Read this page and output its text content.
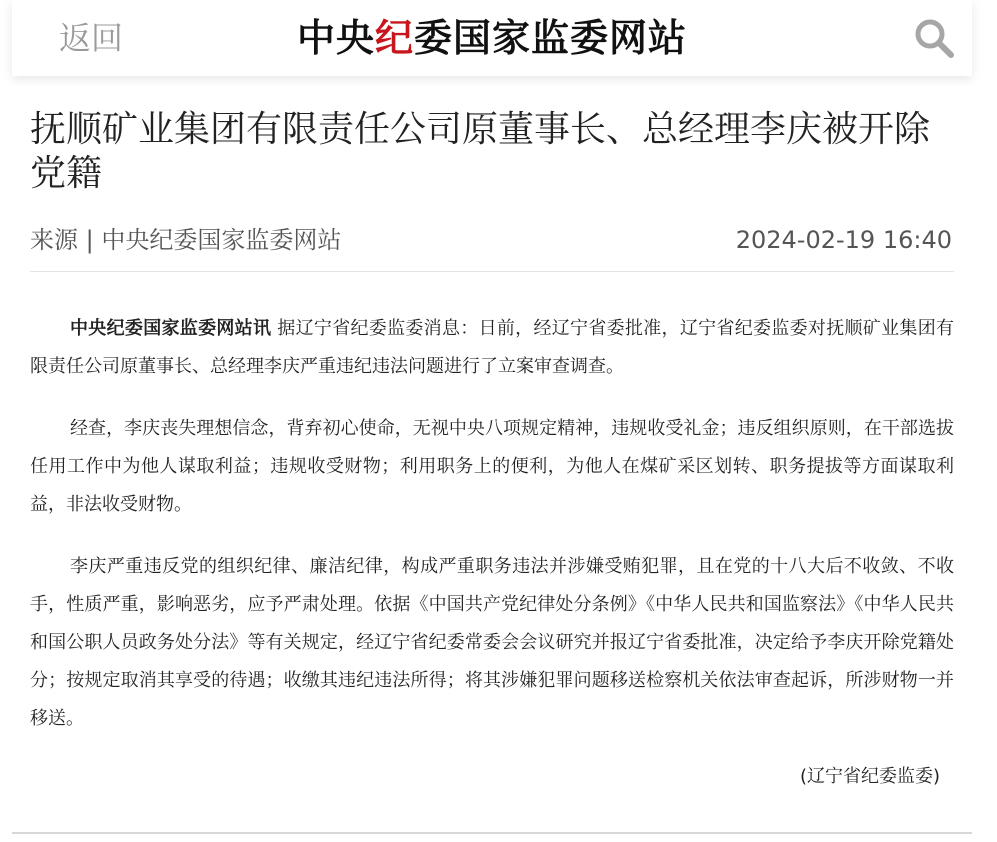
返回	中央纪委国家监委网站
抚顺矿业集团有限责任公司原董事长、总经理李庆被开除党籍
来源 | 中央纪委国家监委网站	2024-02-19 16:40

中央纪委国家监委网站讯 据辽宁省纪委监委消息：日前，经辽宁省委批准，辽宁省纪委监委对抚顺矿业集团有限责任公司原董事长、总经理李庆严重违纪违法问题进行了立案审查调查。

经查，李庆丧失理想信念，背弃初心使命，无视中央八项规定精神，违规收受礼金；违反组织原则，在干部选拔任用工作中为他人谋取利益；违规收受财物；利用职务上的便利，为他人在煤矿采区划转、职务提拔等方面谋取利益，非法收受财物。

李庆严重违反党的组织纪律、廉洁纪律，构成严重职务违法并涉嫌受贿犯罪，且在党的十八大后不收敛、不收手，性质严重，影响恶劣，应予严肃处理。依据《中国共产党纪律处分条例》《中华人民共和国监察法》《中华人民共和国公职人员政务处分法》等有关规定，经辽宁省纪委常委会会议研究并报辽宁省委批准，决定给予李庆开除党籍处分；按规定取消其享受的待遇；收缴其违纪违法所得；将其涉嫌犯罪问题移送检察机关依法审查起诉，所涉财物一并移送。

(辽宁省纪委监委)
